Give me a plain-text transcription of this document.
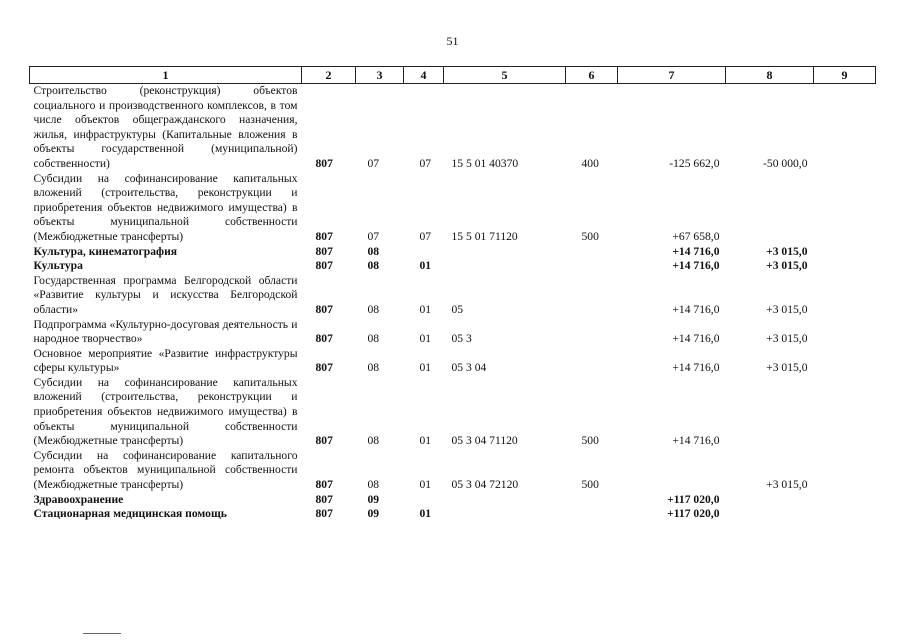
51
1	2	3	4	5	6	7	8	9
Строительство (реконструкция) объектов социального и производственного комплексов, в том числе объектов общегражданского назначения, жилья, инфраструктуры (Капитальные вложения в объекты государственной (муниципальной) собственности)	807	07	07	15 5 01 40370	400	-125 662,0	-50 000,0	
Субсидии на софинансирование капитальных вложений (строительства, реконструкции и приобретения объектов недвижимого имущества) в объекты муниципальной собственности (Межбюджетные трансферты)	807	07	07	15 5 01 71120	500	+67 658,0		
Культура, кинематография	807	08				+14 716,0	+3 015,0	
Культура	807	08	01			+14 716,0	+3 015,0	
Государственная программа Белгородской области «Развитие культуры и искусства Белгородской области»	807	08	01	05		+14 716,0	+3 015,0	
Подпрограмма «Культурно-досуговая деятельность и народное творчество»	807	08	01	05 3		+14 716,0	+3 015,0	
Основное мероприятие «Развитие инфраструктуры сферы культуры»	807	08	01	05 3 04		+14 716,0	+3 015,0	
Субсидии на софинансирование капитальных вложений (строительства, реконструкции и приобретения объектов недвижимого имущества) в объекты муниципальной собственности (Межбюджетные трансферты)	807	08	01	05 3 04 71120	500	+14 716,0		
Субсидии на софинансирование капитального ремонта объектов муниципальной собственности (Межбюджетные трансферты)	807	08	01	05 3 04 72120	500		+3 015,0	
Здравоохранение	807	09				+117 020,0		
Стационарная медицинская помощь	807	09	01			+117 020,0		
